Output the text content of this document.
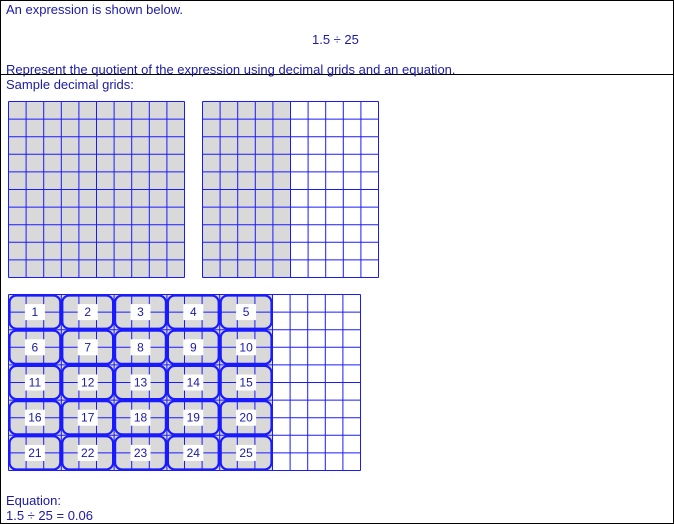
An expression is shown below.
1.5 ÷ 25
Represent the quotient of the expression using decimal grids and an equation.
Sample decimal grids:
1	2	3	4	5
6	7	8	9	10
11	12	13	14	15
16	17	18	19	20
21	22	23	24	25
Equation:
1.5 ÷ 25 = 0.06
